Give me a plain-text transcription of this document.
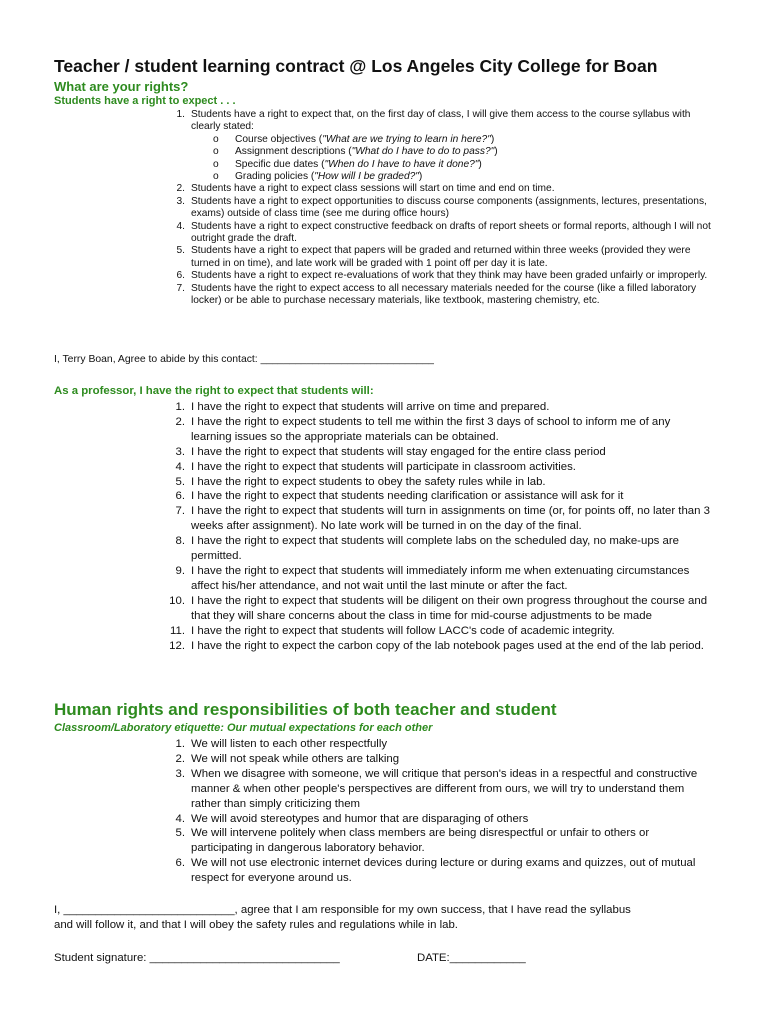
Teacher / student learning contract @ Los Angeles City College for Boan
What are your rights?
Students have a right to expect . . .
1. Students have a right to expect that, on the first day of class, I will give them access to the course syllabus with clearly stated:
o Course objectives ("What are we trying to learn in here?")
o Assignment descriptions ("What do I have to do to pass?")
o Specific due dates ("When do I have to have it done?")
o Grading policies ("How will I be graded?")
2. Students have a right to expect class sessions will start on time and end on time.
3. Students have a right to expect opportunities to discuss course components (assignments, lectures, presentations, exams) outside of class time (see me during office hours)
4. Students have a right to expect constructive feedback on drafts of report sheets or formal reports, although I will not outright grade the draft.
5. Students have a right to expect that papers will be graded and returned within three weeks (provided they were turned in on time), and late work will be graded with 1 point off per day it is late.
6. Students have a right to expect re-evaluations of work that they think may have been graded unfairly or improperly.
7. Students have the right to expect access to all necessary materials needed for the course (like a filled laboratory locker) or be able to purchase necessary materials, like textbook, mastering chemistry, etc.
I, Terry Boan, Agree to abide by this contact: ______________________________
As a professor, I have the right to expect that students will:
1. I have the right to expect that students will arrive on time and prepared.
2. I have the right to expect students to tell me within the first 3 days of school to inform me of any learning issues so the appropriate materials can be obtained.
3. I have the right to expect that students will stay engaged for the entire class period
4. I have the right to expect that students will participate in classroom activities.
5. I have the right to expect students to obey the safety rules while in lab.
6. I have the right to expect that students needing clarification or assistance will ask for it
7. I have the right to expect that students will turn in assignments on time (or, for points off, no later than 3 weeks after assignment). No late work will be turned in on the day of the final.
8. I have the right to expect that students will complete labs on the scheduled day, no make-ups are permitted.
9. I have the right to expect that students will immediately inform me when extenuating circumstances affect his/her attendance, and not wait until the last minute or after the fact.
10. I have the right to expect that students will be diligent on their own progress throughout the course and that they will share concerns about the class in time for mid-course adjustments to be made
11. I have the right to expect that students will follow LACC's code of academic integrity.
12. I have the right to expect the carbon copy of the lab notebook pages used at the end of the lab period.
Human rights and responsibilities of both teacher and student
Classroom/Laboratory etiquette: Our mutual expectations for each other
1. We will listen to each other respectfully
2. We will not speak while others are talking
3. When we disagree with someone, we will critique that person's ideas in a respectful and constructive manner & when other people's perspectives are different from ours, we will try to understand them rather than simply criticizing them
4. We will avoid stereotypes and humor that are disparaging of others
5. We will intervene politely when class members are being disrespectful or unfair to others or participating in dangerous laboratory behavior.
6. We will not use electronic internet devices during lecture or during exams and quizzes, out of mutual respect for everyone around us.
I, ___________________________, agree that I am responsible for my own success, that I have read the syllabus
and will follow it, and that I will obey the safety rules and regulations while in lab.
Student signature: ______________________________	DATE:____________
